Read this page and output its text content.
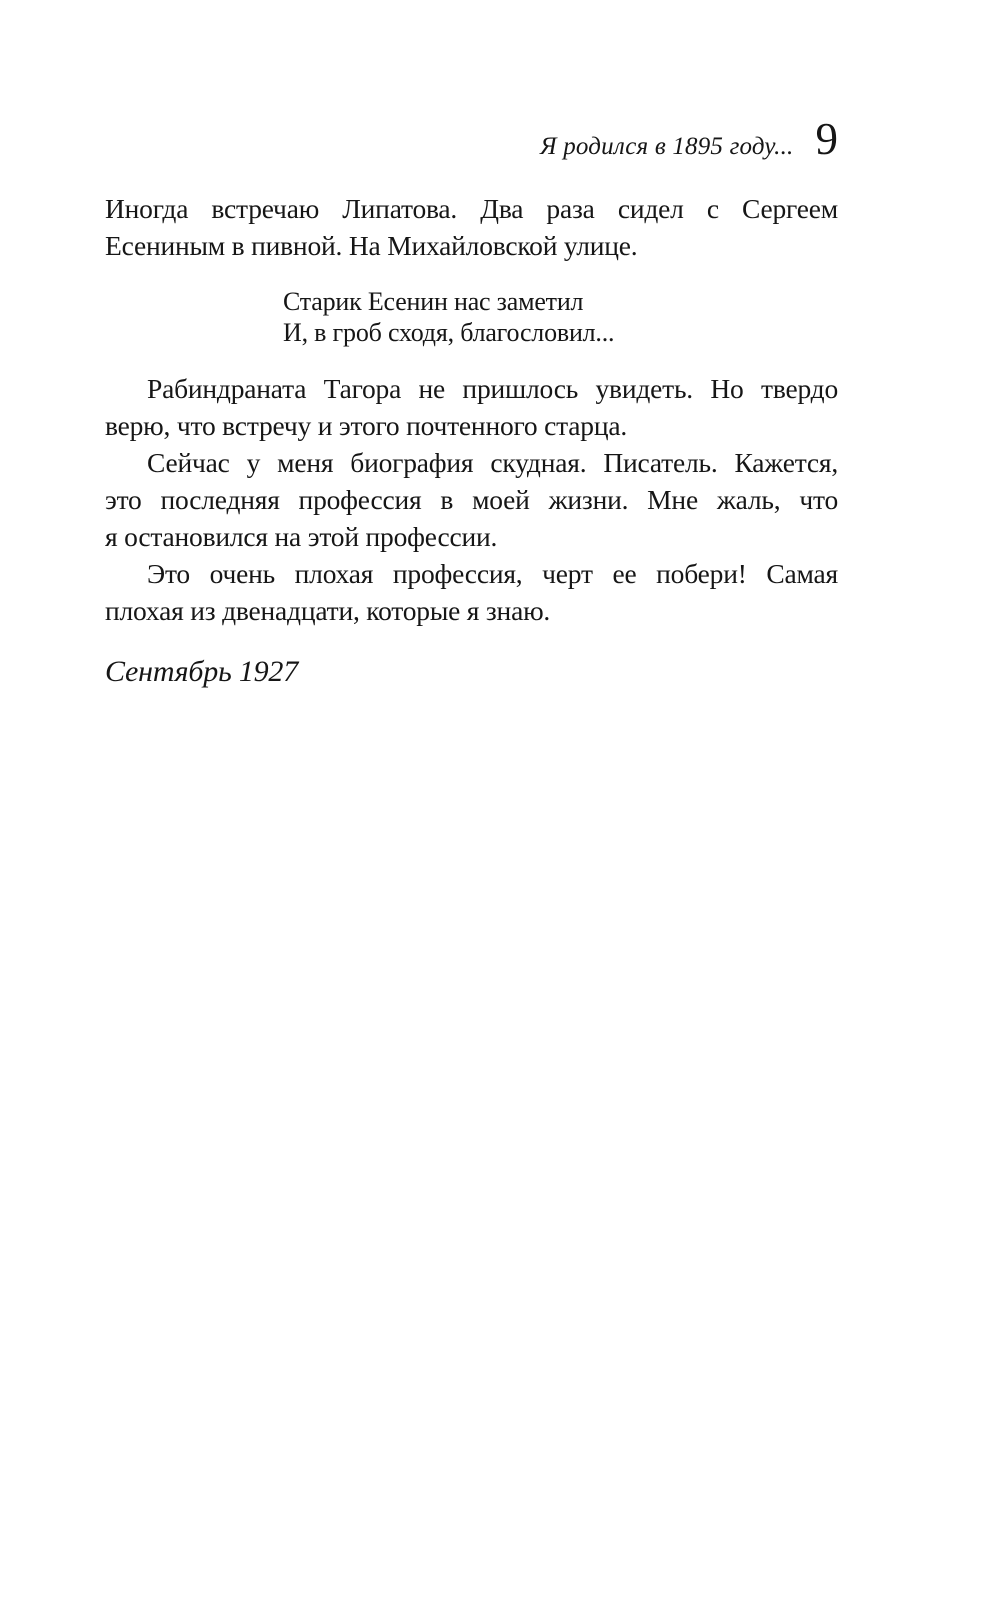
Я родился в 1895 году... 9

Иногда встречаю Липатова. Два раза сидел с Сергеем
Есениным в пивной. На Михайловской улице.

Старик Есенин нас заметил
И, в гроб сходя, благословил...

Рабиндраната Тагора не пришлось увидеть. Но твердо
верю, что встречу и этого почтенного старца.

Сейчас у меня биография скудная. Писатель. Кажется,
это последняя профессия в моей жизни. Мне жаль, что
я остановился на этой профессии.

Это очень плохая профессия, черт ее побери! Самая
плохая из двенадцати, которые я знаю.

Сентябрь 1927
